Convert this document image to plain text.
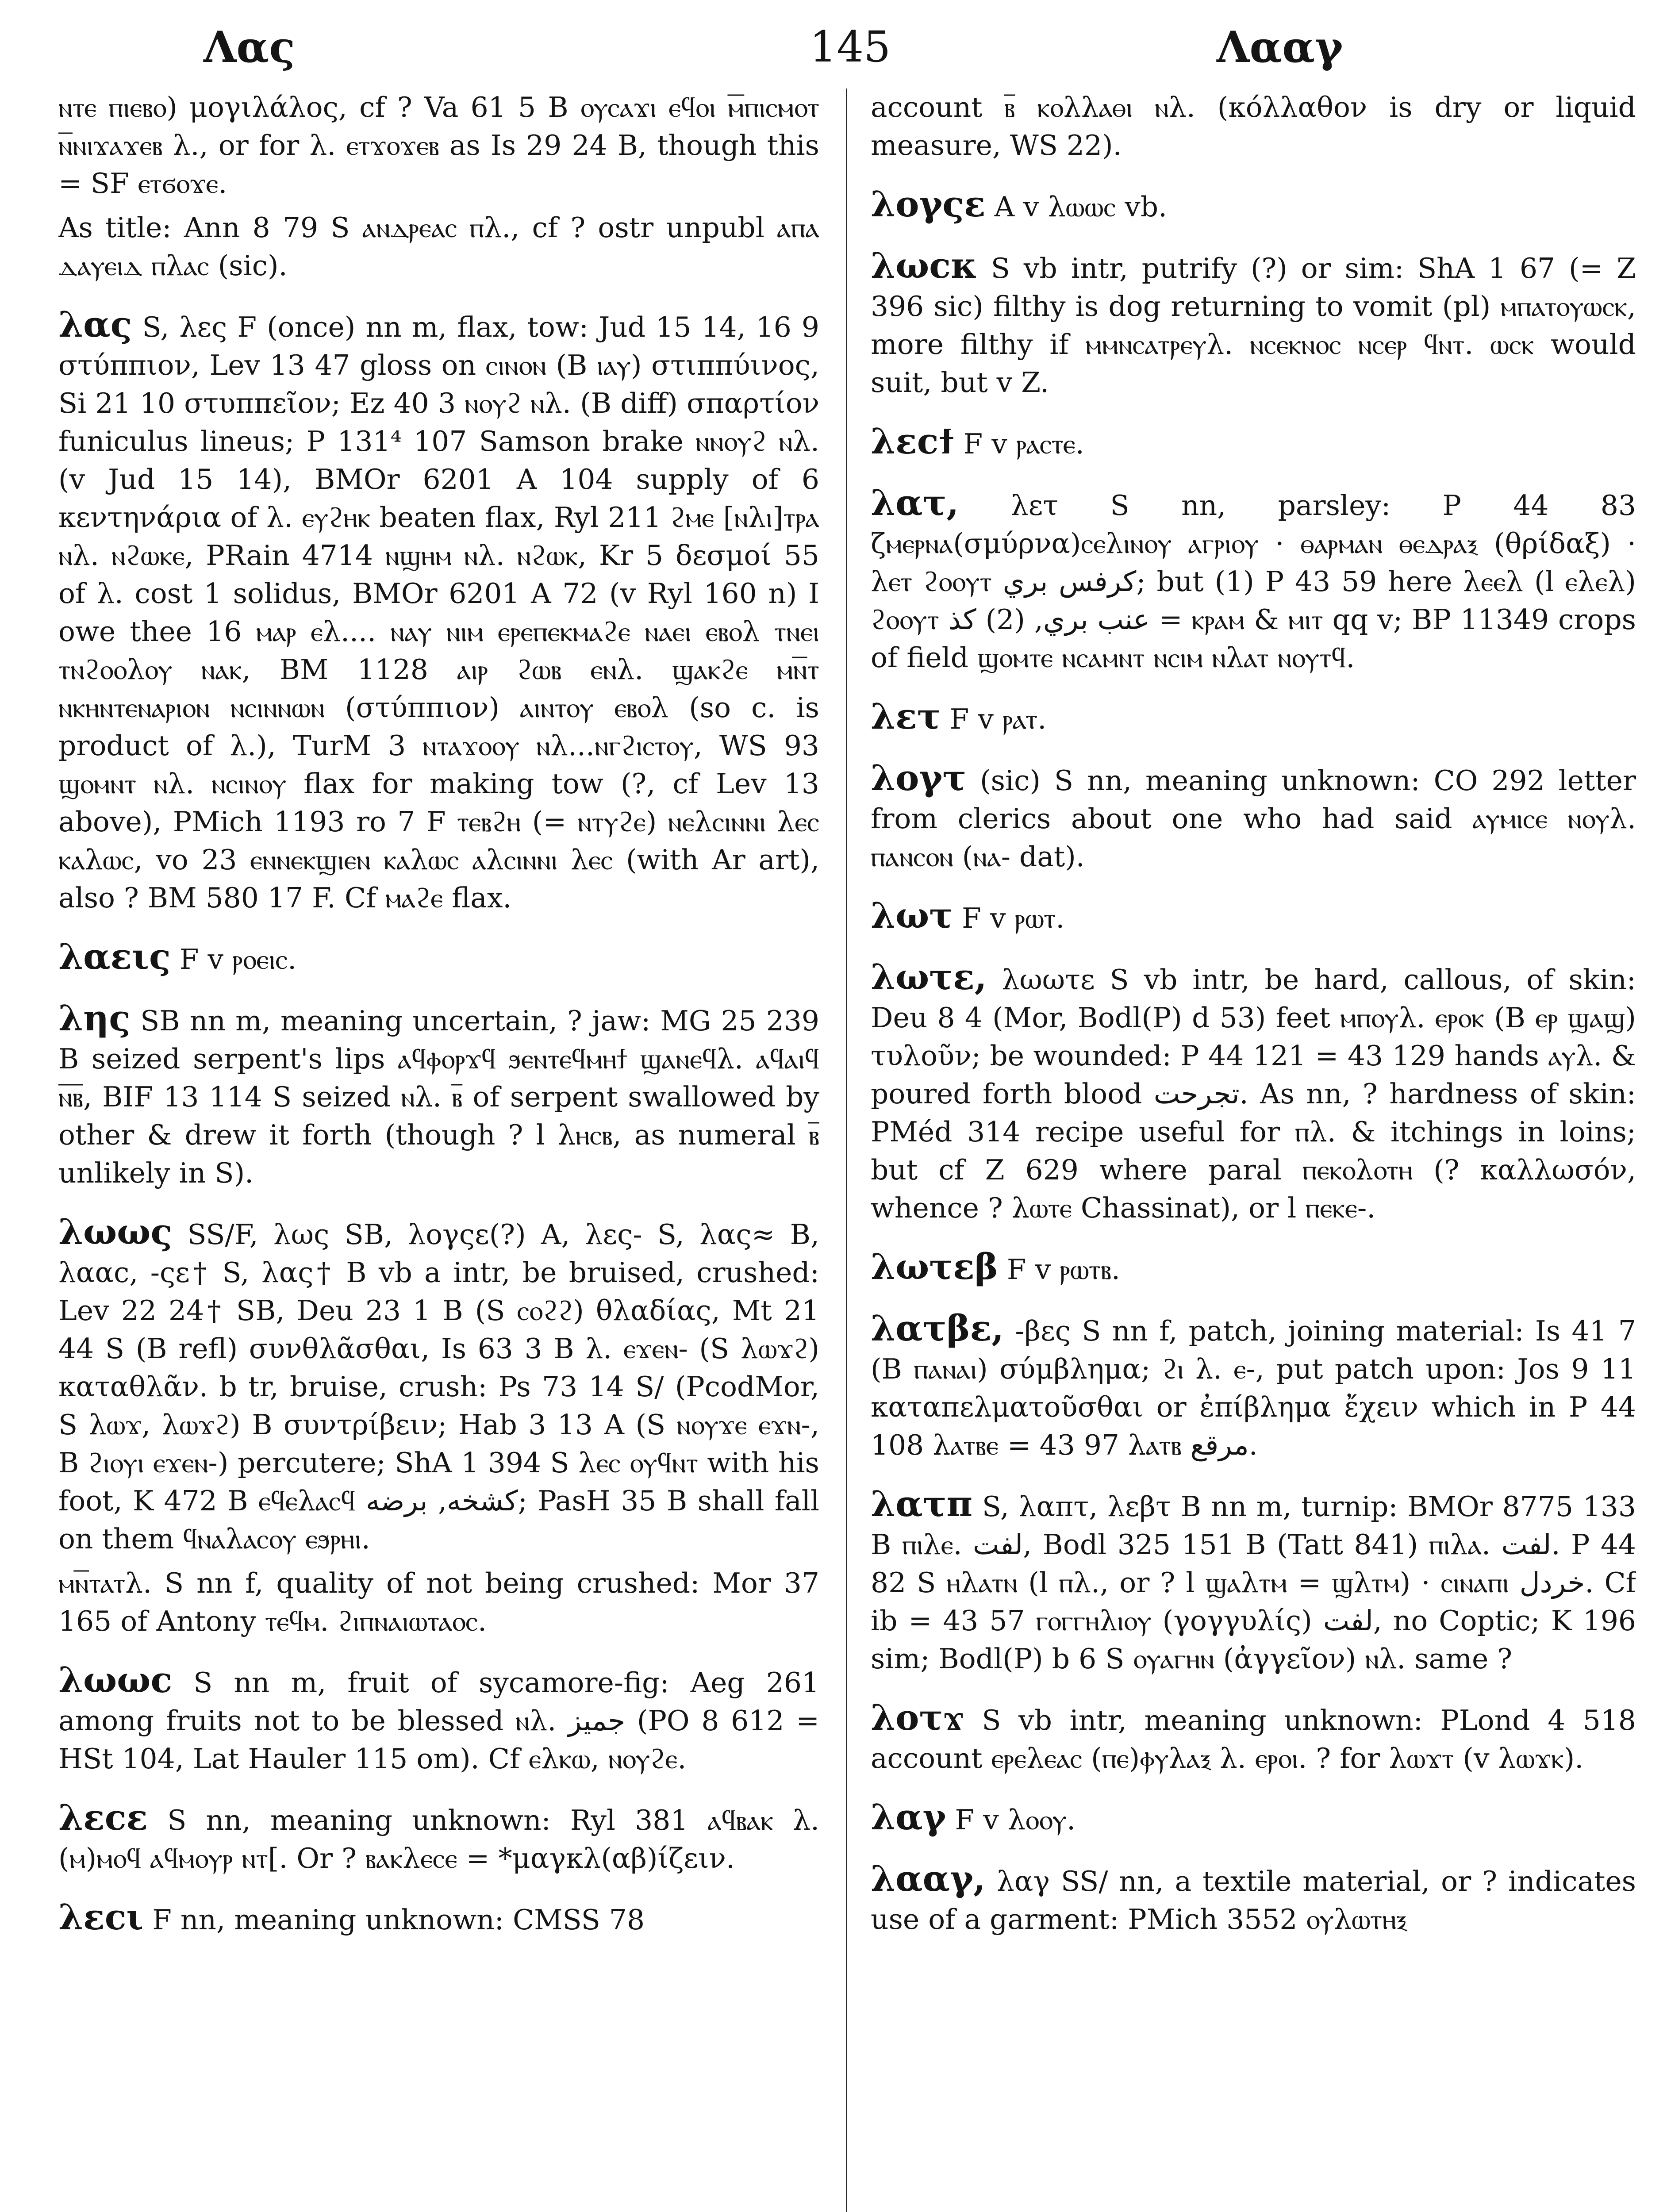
Λας	145	Λααγ

ⲛⲧⲉ ⲡⲓⲉⲃⲟ) μογιλάλος, cf ? Va 61 5 B ⲟⲩⲥⲁϫⲓ ⲉϥⲟⲓ ⲙ̅ⲡⲓⲥⲙⲟⲧ ⲛ̅ⲛⲓϫⲁϫⲉⲃ λ., or for λ. ⲉⲧϫⲟϫⲉⲃ as Is 29 24 B, though this = SF ⲉⲧϭⲟϫⲉ.

As title: Ann 8 79 S ⲁⲛⲇⲣⲉⲁⲥ ⲡλ., cf ? ostr unpubl ⲁⲡⲁ ⲇⲁⲩⲉⲓⲇ ⲡλⲁⲥ (sic).

λας S, λες F (once) nn m, flax, tow: Jud 15 14, 16 9 στύππιον, Lev 13 47 gloss on ⲥⲓⲛⲟⲛ (B ⲓⲁⲩ) στιππύινος, Si 21 10 στυππεῖον; Ez 40 3 ⲛⲟⲩϩ ⲛλ. (B diff) σπαρτίον funiculus lineus; P 131⁴ 107 Samson brake ⲛⲛⲟⲩϩ ⲛλ. (v Jud 15 14), BMOr 6201 A 104 supply of 6 κεντηνάρια of λ. ⲉⲩϩⲏⲕ beaten flax, Ryl 211 ϩⲙⲉ [ⲛλⲓ]ⲧⲣⲁ ⲛλ. ⲛϩⲱⲕⲉ, PRain 4714 ⲛϣⲏⲙ ⲛλ. ⲛϩⲱⲕ, Kr 5 δεσμοί 55 of λ. cost 1 solidus, BMOr 6201 A 72 (v Ryl 160 n) I owe thee 16 ⲙⲁⲣ ⲉλ.... ⲛⲁⲩ ⲛⲓⲙ ⲉⲣⲉⲡⲉⲕⲙⲁϩⲉ ⲛⲁⲉⲓ ⲉⲃⲟλ ⲧⲛⲉⲓ ⲧⲛϩⲟⲟλⲟⲩ ⲛⲁⲕ, BM 1128 ⲁⲓⲣ ϩⲱⲃ ⲉⲛλ. ϣⲁⲕϩⲉ ⲙⲛ̅ⲧ ⲛⲕⲏⲛⲧⲉⲛⲁⲣⲓⲟⲛ ⲛⲥⲓⲛⲛⲱⲛ (στύππιον) ⲁⲓⲛⲧⲟⲩ ⲉⲃⲟλ (so c. is product of λ.), TurM 3 ⲛⲧⲁϫⲟⲟⲩ ⲛλ...ⲛⲅϩⲓⲥⲧⲟⲩ, WS 93 ϣⲟⲙⲛⲧ ⲛλ. ⲛⲥⲓⲛⲟⲩ flax for making tow (?, cf Lev 13 above), PMich 1193 ro 7 F ⲧⲉⲃϩⲏ (= ⲛⲧⲩϩⲉ) ⲛⲉλⲥⲓⲛⲛⲓ λⲉⲥ ⲕⲁλⲱⲥ, vo 23 ⲉⲛⲛⲉⲕϣⲓⲉⲛ ⲕⲁλⲱⲥ ⲁλⲥⲓⲛⲛⲓ λⲉⲥ (with Ar art), also ? BM 580 17 F. Cf ⲙⲁϩⲉ flax.

λαεις F v ⲣⲟⲉⲓⲥ.

λης SB nn m, meaning uncertain, ? jaw: MG 25 239 B seized serpent's lips ⲁϥⲫⲟⲣϫϥ ϧⲉⲛⲧⲉϥⲙⲏϯ ϣⲁⲛⲉϥλ. ⲁϥⲁⲓϥ ⲛ̅ⲃ̅, BIF 13 114 S seized ⲛλ. ⲃ̅ of serpent swallowed by other & drew it forth (though ? l λⲏⲥⲃ, as numeral ⲃ̅ unlikely in S).

λωως SS/F, λως SB, λογςε(?) A, λες- S, λας≈ B, λααc, -ςε† S, λας† B vb a intr, be bruised, crushed: Lev 22 24† SB, Deu 23 1 B (S ⲥⲟϩϩ) θλαδίας, Mt 21 44 S (B refl) συνθλᾶσθαι, Is 63 3 B λ. ⲉϫⲉⲛ- (S λⲱϫϩ) καταθλᾶν. b tr, bruise, crush: Ps 73 14 S/ (PcodMor, S λⲱϫ, λⲱϫϩ) B συντρίβειν; Hab 3 13 A (S ⲛⲟⲩϫⲉ ⲉϫⲛ-, B ϩⲓⲟⲩⲓ ⲉϫⲉⲛ-) percutere; ShA 1 394 S λⲉⲥ ⲟⲩϥⲛⲧ with his foot, K 472 B ⲉϥⲉλⲁⲥϥ ﻛﺸﺨﻪ, ﺑﺮﺿﻪ; PasH 35 B shall fall on them ϥⲛⲁλⲁⲥⲟⲩ ⲉϧⲣⲏⲓ.

ⲙⲛ̅ⲧⲁⲧλ. S nn f, quality of not being crushed: Mor 37 165 of Antony ⲧⲉϥⲙ. ϩⲓⲡⲛⲁⲓⲱⲧⲁⲟⲥ.

λωωc S nn m, fruit of sycamore-fig: Aeg 261 among fruits not to be blessed ⲛλ. ﺟﻤﻴﺰ (PO 8 612 = HSt 104, Lat Hauler 115 om). Cf ⲉλⲕⲱ, ⲛⲟⲩϩⲉ.

λεcε S nn, meaning unknown: Ryl 381 ⲁϥⲃⲁⲕ λ. (ⲙ)ⲙⲟϥ ⲁϥⲙⲟⲩⲣ ⲛⲧ[. Or ? ⲃⲁⲕλⲉⲥⲉ = *μαγκλ(αβ)ίζειν.

λεcι F nn, meaning unknown: CMSS 78

account ⲃ̅ ⲕⲟλλⲁⲑⲓ ⲛλ. (κόλλαθον is dry or liquid measure, WS 22).

λογςε A v λⲱⲱⲥ vb.

λωcκ S vb intr, putrify (?) or sim: ShA 1 67 (= Z 396 sic) filthy is dog returning to vomit (pl) ⲙⲡⲁⲧⲟⲩⲱⲥⲕ, more filthy if ⲙⲙⲛⲥⲁⲧⲣⲉⲩλ. ⲛⲥⲉⲕⲛⲟⲥ ⲛⲥⲉⲣ ϥⲛⲧ. ⲱⲥⲕ would suit, but v Z.

λεcϯ F v ⲣⲁⲥⲧⲉ.

λατ, λετ S nn, parsley: P 44 83 ζⲙⲉⲣⲛⲁ(σμύρνα)ⲥⲉλⲓⲛⲟⲩ ⲁⲅⲣⲓⲟⲩ · ⲑⲁⲣⲙⲁⲛ ⲑⲉⲇⲣⲁⲝ (θρίδαξ) · λⲉⲧ ϩⲟⲟⲩⲧ ﻛﺮﻓﺲ ﺑﺮﻱ; but (1) P 43 59 here λⲉⲉλ (l ⲉλⲉλ) ϩⲟⲟⲩⲧ ﻋﻨﺐ ﺑﺮﻱ, (2) ﻛﺬ = ⲕⲣⲁⲙ & ⲙⲓⲧ qq v; BP 11349 crops of field ϣⲟⲙⲧⲉ ⲛⲥⲁⲙⲛⲧ ⲛⲥⲓⲙ ⲛλⲁⲧ ⲛⲟⲩⲧϥ.

λετ F v ⲣⲁⲧ.

λογτ (sic) S nn, meaning unknown: CO 292 letter from clerics about one who had said ⲁⲩⲙⲓⲥⲉ ⲛⲟⲩλ. ⲡⲁⲛⲥⲟⲛ (ⲛⲁ- dat).

λωτ F v ⲣⲱⲧ.

λωτε, λωωτε S vb intr, be hard, callous, of skin: Deu 8 4 (Mor, Bodl(P) d 53) feet ⲙⲡⲟⲩλ. ⲉⲣⲟⲕ (B ⲉⲣ ϣⲁϣ) τυλοῦν; be wounded: P 44 121 = 43 129 hands ⲁⲩλ. & poured forth blood ﺗﺠﺮﺣﺖ. As nn, ? hardness of skin: PMéd 314 recipe useful for ⲡλ. & itchings in loins; but cf Z 629 where paral ⲡⲉⲕⲟλⲟⲧⲏ (? καλλωσόν, whence ? λⲱⲧⲉ Chassinat), or l ⲡⲉⲕⲉ-.

λωτεβ F v ⲣⲱⲧⲃ.

λατβε, -βες S nn f, patch, joining material: Is 41 7 (B ⲡⲁⲛⲁⲓ) σύμβλημα; ϩⲓ λ. ⲉ-, put patch upon: Jos 9 11 καταπελματοῦσθαι or ἐπίβλημα ἔχειν which in P 44 108 λⲁⲧⲃⲉ = 43 97 λⲁⲧⲃ ﻣﺮﻗﻊ.

λατπ S, λαπτ, λεβτ B nn m, turnip: BMOr 8775 133 B ⲡⲓλⲉ. ﻟﻔﺖ, Bodl 325 151 B (Tatt 841) ⲡⲓλⲁ. ﻟﻔﺖ. P 44 82 S ⲏλⲁⲧⲛ (l ⲡλ., or ? l ϣⲁλⲧⲙ = ϣλⲧⲙ) · ⲥⲓⲛⲁⲡⲓ ﺧﺮﺩﻝ. Cf ib = 43 57 ⲅⲟⲅⲅⲏλⲓⲟⲩ (γογγυλίς) ﻟﻔﺖ, no Coptic; K 196 sim; Bodl(P) b 6 S ⲟⲩⲁⲅⲏⲛ (ἀγγεῖον) ⲛλ. same ?

λοτϫ S vb intr, meaning unknown: PLond 4 518 account ⲉⲣⲉλⲉⲁⲥ (ⲡⲉ)ⲫⲩλⲁⲝ λ. ⲉⲣⲟⲓ. ? for λⲱϫⲧ (v λⲱϫⲕ).

λαγ F v λⲟⲟⲩ.

λααγ, λαγ SS/ nn, a textile material, or ? indicates use of a garment: PMich 3552 ⲟⲩλⲱⲧⲏⲝ
